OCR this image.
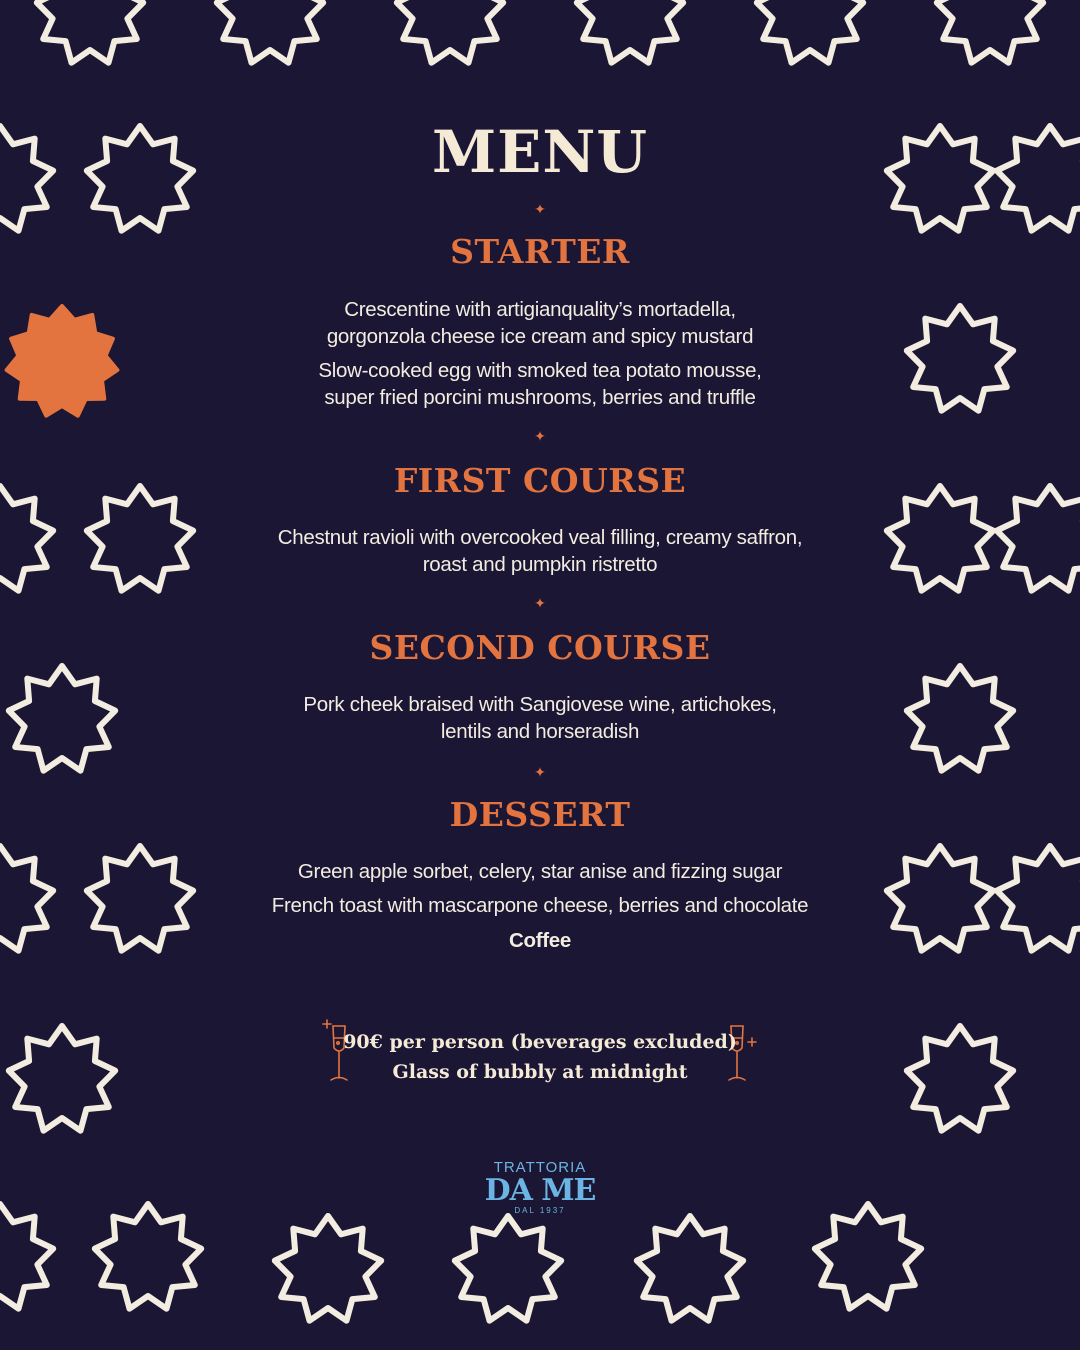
MENU
✦
STARTER
Crescentine with artigianquality’s mortadella,
gorgonzola cheese ice cream and spicy mustard
Slow-cooked egg with smoked tea potato mousse,
super fried porcini mushrooms, berries and truffle
✦
FIRST COURSE
Chestnut ravioli with overcooked veal filling, creamy saffron,
roast and pumpkin ristretto
✦
SECOND COURSE
Pork cheek braised with Sangiovese wine, artichokes,
lentils and horseradish
✦
DESSERT
Green apple sorbet, celery, star anise and fizzing sugar
French toast with mascarpone cheese, berries and chocolate
Coffee
90€ per person (beverages excluded)
Glass of bubbly at midnight
TRATTORIA
DA ME
DAL 1937
